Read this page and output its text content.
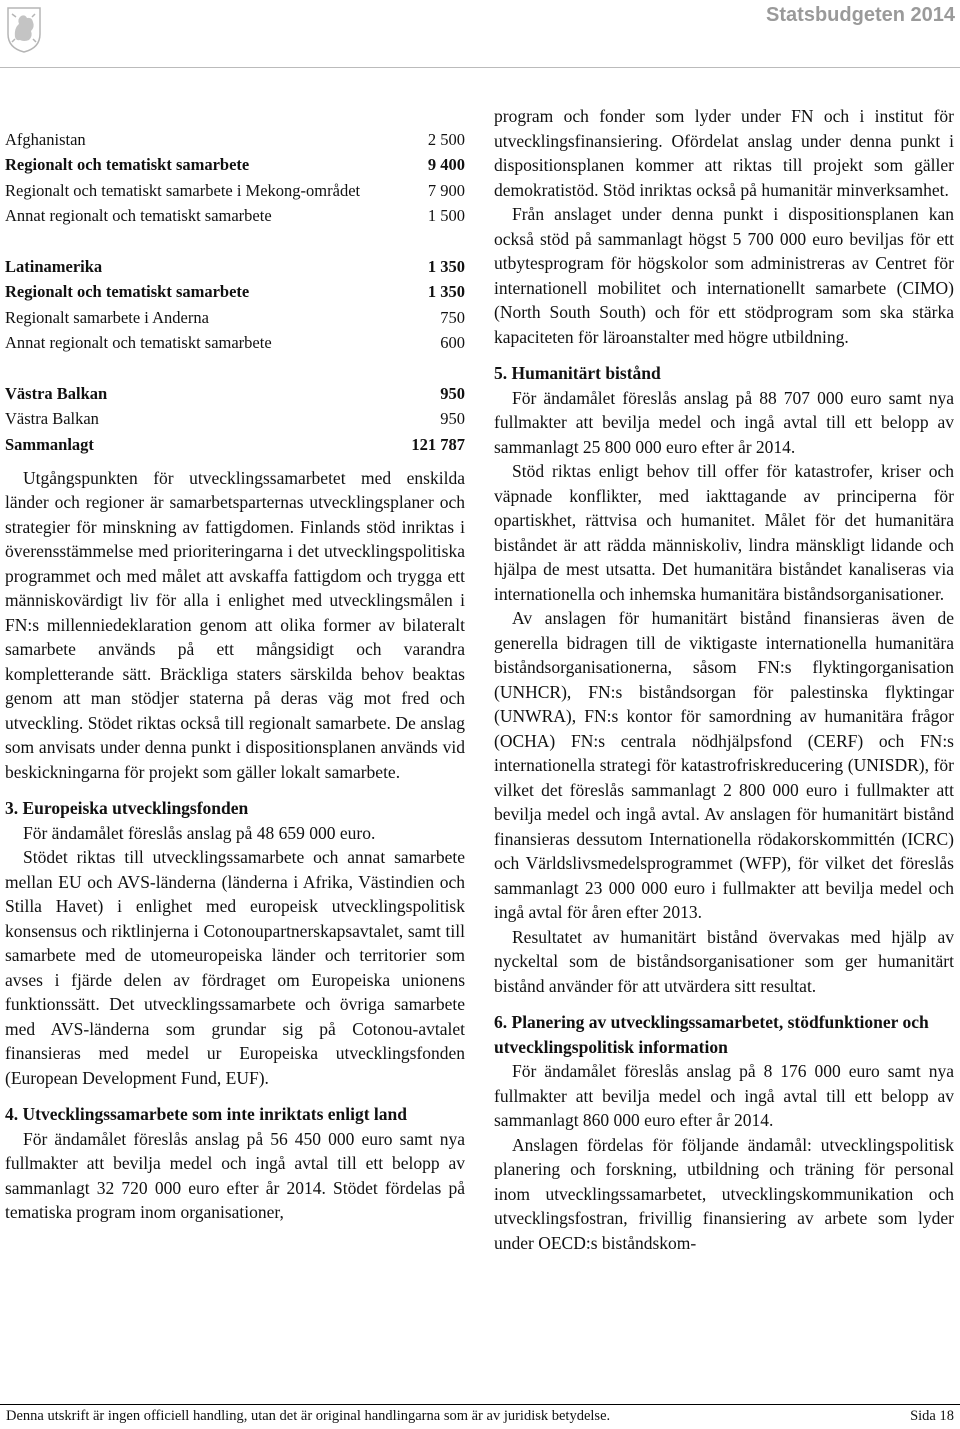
Statsbudgeten 2014
Afghanistan	2 500
Regionalt och tematiskt samarbete	9 400
Regionalt och tematiskt samarbete i Mekong-området	7 900
Annat regionalt och tematiskt samarbete	1 500

Latinamerika	1 350
Regionalt och tematiskt samarbete	1 350
Regionalt samarbete i Anderna	750
Annat regionalt och tematiskt samarbete	600

Västra Balkan	950
Västra Balkan	950
Sammanlagt	121 787

Utgångspunkten för utvecklingssamarbetet med enskilda länder och regioner är samarbetsparternas utvecklingsplaner och strategier för minskning av fattigdomen. Finlands stöd inriktas i överensstämmelse med prioriteringarna i det utvecklingspolitiska programmet och med målet att avskaffa fattigdom och trygga ett människovärdigt liv för alla i enlighet med utvecklingsmålen i FN:s millenniedeklaration genom att olika former av bilateralt samarbete används på ett mångsidigt och varandra kompletterande sätt. Bräckliga staters särskilda behov beaktas genom att man stödjer staterna på deras väg mot fred och utveckling. Stödet riktas också till regionalt samarbete. De anslag som anvisats under denna punkt i dispositionsplanen används vid beskickningarna för projekt som gäller lokalt samarbete.

3. Europeiska utvecklingsfonden

För ändamålet föreslås anslag på 48 659 000 euro.

Stödet riktas till utvecklingssamarbete och annat samarbete mellan EU och AVS-länderna (länderna i Afrika, Västindien och Stilla Havet) i enlighet med europeisk utvecklingspolitisk konsensus och riktlinjerna i Cotonoupartnerskapsavtalet, samt till samarbete med de utomeuropeiska länder och territorier som avses i fjärde delen av fördraget om Europeiska unionens funktionssätt. Det utvecklingssamarbete och övriga samarbete med AVS-länderna som grundar sig på Cotonou-avtalet finansieras med medel ur Europeiska utvecklingsfonden (European Development Fund, EUF).

4. Utvecklingssamarbete som inte inriktats enligt land

För ändamålet föreslås anslag på 56 450 000 euro samt nya fullmakter att bevilja medel och ingå avtal till ett belopp av sammanlagt 32 720 000 euro efter år 2014. Stödet fördelas på tematiska program inom organisationer,

program och fonder som lyder under FN och i institut för utvecklingsfinansiering. Ofördelat anslag under denna punkt i dispositionsplanen kommer att riktas till projekt som gäller demokratistöd. Stöd inriktas också på humanitär minverksamhet.

Från anslaget under denna punkt i dispositionsplanen kan också stöd på sammanlagt högst 5 700 000 euro beviljas för ett utbytesprogram för högskolor som administreras av Centret för internationell mobilitet och internationellt samarbete (CIMO) (North South South) och för ett stödprogram som ska stärka kapaciteten för läroanstalter med högre utbildning.

5. Humanitärt bistånd

För ändamålet föreslås anslag på 88 707 000 euro samt nya fullmakter att bevilja medel och ingå avtal till ett belopp av sammanlagt 25 800 000 euro efter år 2014.

Stöd riktas enligt behov till offer för katastrofer, kriser och väpnade konflikter, med iakttagande av principerna för opartiskhet, rättvisa och humanitet. Målet för det humanitära biståndet är att rädda människoliv, lindra mänskligt lidande och hjälpa de mest utsatta. Det humanitära biståndet kanaliseras via internationella och inhemska humanitära biståndsorganisationer.

Av anslagen för humanitärt bistånd finansieras även de generella bidragen till de viktigaste internationella humanitära biståndsorganisationerna, såsom FN:s flyktingorganisation (UNHCR), FN:s biståndsorgan för palestinska flyktingar (UNWRA), FN:s kontor för samordning av humanitära frågor (OCHA) FN:s centrala nödhjälpsfond (CERF) och FN:s internationella strategi för katastrofriskreducering (UNISDR), för vilket det föreslås sammanlagt 2 800 000 euro i fullmakter att bevilja medel och ingå avtal. Av anslagen för humanitärt bistånd finansieras dessutom Internationella rödakorskommittén (ICRC) och Världslivsmedelsprogrammet (WFP), för vilket det föreslås sammanlagt 23 000 000 euro i fullmakter att bevilja medel och ingå avtal för åren efter 2013.

Resultatet av humanitärt bistånd övervakas med hjälp av nyckeltal som de biståndsorganisationer som ger humanitärt bistånd använder för att utvärdera sitt resultat.

6. Planering av utvecklingssamarbetet, stödfunktioner och utvecklingspolitisk information

För ändamålet föreslås anslag på 8 176 000 euro samt nya fullmakter att bevilja medel och ingå avtal till ett belopp av sammanlagt 860 000 euro efter år 2014.

Anslagen fördelas för följande ändamål: utvecklingspolitisk planering och forskning, utbildning och träning för personal inom utvecklingssamarbetet, utvecklingskommunikation och utvecklingsfostran, frivillig finansiering av arbete som lyder under OECD:s biståndskom-

Denna utskrift är ingen officiell handling, utan det är original handlingarna som är av juridisk betydelse.	Sida 18
